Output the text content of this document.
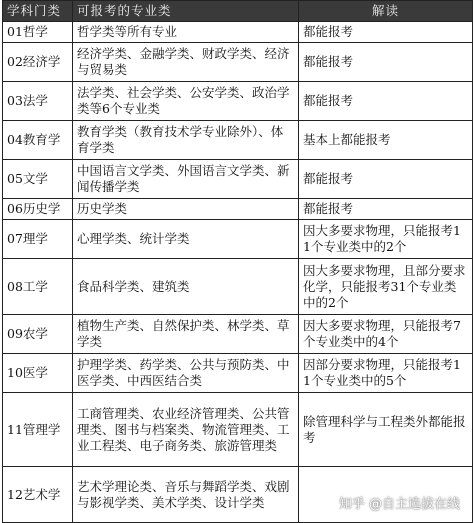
学科门类	可报考的专业类	解读
01哲学	哲学类等所有专业	都能报考
02经济学	经济学类、金融学类、财政学类、经济与贸易类	都能报考
03法学	法学类、社会学类、公安学类、政治学类等6个专业类	都能报考
04教育学	教育学类（教育技术学专业除外）、体育学类	基本上都能报考
05文学	中国语言文学类、外国语言文学类、新闻传播学类	都能报考
06历史学	历史学类	都能报考
07理学	心理学类、统计学类	因大多要求物理，只能报考11个专业类中的2个
08工学	食品科学类、建筑类	因大多要求物理，且部分要求化学，只能报考31个专业类中的2个
09农学	植物生产类、自然保护类、林学类、草学类	因大多要求物理，只能报考7个专业类中的4个
10医学	护理学类、药学类、公共与预防类、中医学类、中西医结合类	因部分要求物理，只能报考11个专业类中的5个
11管理学	工商管理类、农业经济管理类、公共管理类、图书与档案类、物流管理类、工业工程类、电子商务类、旅游管理类	除管理科学与工程类外都能报考
12艺术学	艺术学理论类、音乐与舞蹈学类、戏剧与影视学类、美术学类、设计学类		知乎 @自主选拔在线
